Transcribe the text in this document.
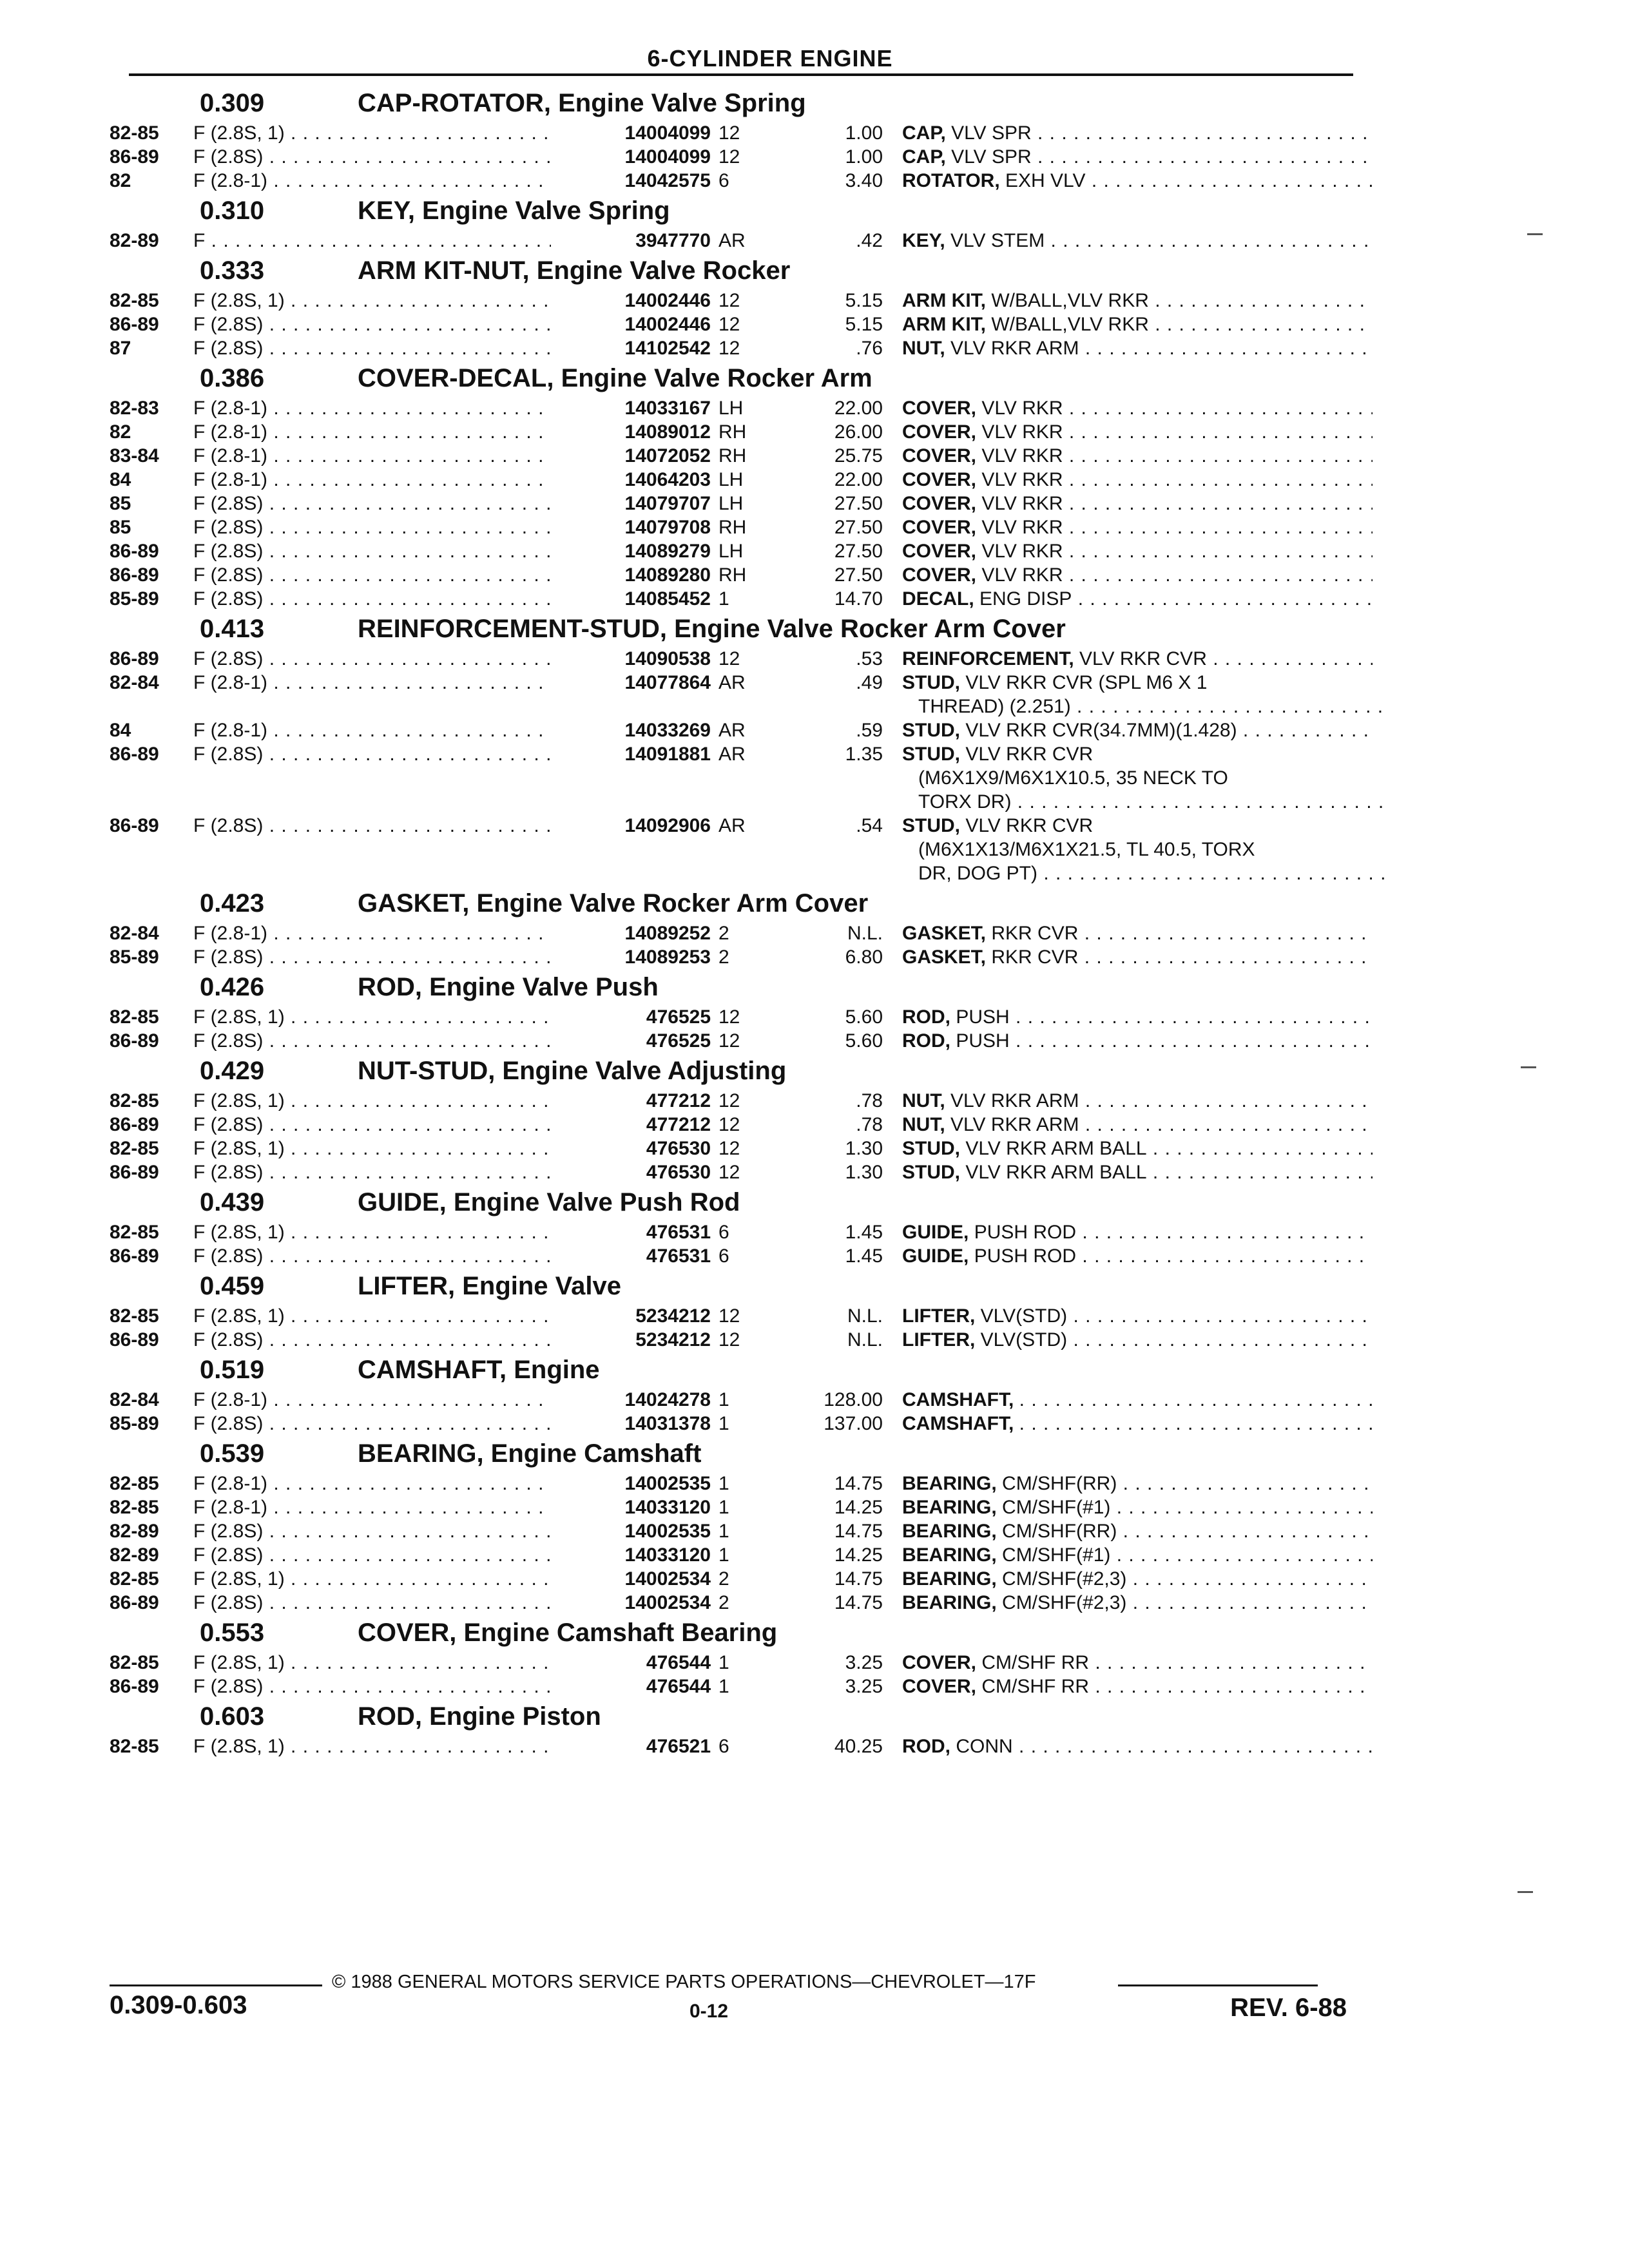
6-CYLINDER ENGINE
0.309	CAP-ROTATOR, Engine Valve Spring
82-85	F (2.8S, 1) . . .	14004099 12	1.00 CAP, VLV SPR . . .
86-89	F (2.8S) . . .	14004099 12	1.00 CAP, VLV SPR . . .
82	F (2.8-1) . . .	14042575 6	3.40 ROTATOR, EXH VLV . . .
0.310	KEY, Engine Valve Spring
82-89	F . . .	3947770 AR	.42 KEY, VLV STEM . . .
0.333	ARM KIT-NUT, Engine Valve Rocker
82-85	F (2.8S, 1) . . .	14002446 12	5.15 ARM KIT, W/BALL,VLV RKR . . .
86-89	F (2.8S) . . .	14002446 12	5.15 ARM KIT, W/BALL,VLV RKR . . .
87	F (2.8S) . . .	14102542 12	.76 NUT, VLV RKR ARM . . .
0.386	COVER-DECAL, Engine Valve Rocker Arm
82-83	F (2.8-1) . . .	14033167 LH	22.00 COVER, VLV RKR . . .
82	F (2.8-1) . . .	14089012 RH	26.00 COVER, VLV RKR . . .
83-84	F (2.8-1) . . .	14072052 RH	25.75 COVER, VLV RKR . . .
84	F (2.8-1) . . .	14064203 LH	22.00 COVER, VLV RKR . . .
85	F (2.8S) . . .	14079707 LH	27.50 COVER, VLV RKR . . .
85	F (2.8S) . . .	14079708 RH	27.50 COVER, VLV RKR . . .
86-89	F (2.8S) . . .	14089279 LH	27.50 COVER, VLV RKR . . .
86-89	F (2.8S) . . .	14089280 RH	27.50 COVER, VLV RKR . . .
85-89	F (2.8S) . . .	14085452 1	14.70 DECAL, ENG DISP . . .
0.413	REINFORCEMENT-STUD, Engine Valve Rocker Arm Cover
86-89	F (2.8S) . . .	14090538 12	.53 REINFORCEMENT, VLV RKR CVR . . .
82-84	F (2.8-1) . . .	14077864 AR	.49 STUD, VLV RKR CVR (SPL M6 X 1
THREAD) (2.251) . . .
84	F (2.8-1) . . .	14033269 AR	.59 STUD, VLV RKR CVR(34.7MM)(1.428) . . .
86-89	F (2.8S) . . .	14091881 AR	1.35 STUD, VLV RKR CVR
(M6X1X9/M6X1X10.5, 35 NECK TO
TORX DR) . . .
86-89	F (2.8S) . . .	14092906 AR	.54 STUD, VLV RKR CVR
(M6X1X13/M6X1X21.5, TL 40.5, TORX
DR, DOG PT) . . .
0.423	GASKET, Engine Valve Rocker Arm Cover
82-84	F (2.8-1) . . .	14089252 2	N.L. GASKET, RKR CVR . . .
85-89	F (2.8S) . . .	14089253 2	6.80 GASKET, RKR CVR . . .
0.426	ROD, Engine Valve Push
82-85	F (2.8S, 1) . . .	476525 12	5.60 ROD, PUSH . . .
86-89	F (2.8S) . . .	476525 12	5.60 ROD, PUSH . . .
0.429	NUT-STUD, Engine Valve Adjusting
82-85	F (2.8S, 1) . . .	477212 12	.78 NUT, VLV RKR ARM . . .
86-89	F (2.8S) . . .	477212 12	.78 NUT, VLV RKR ARM . . .
82-85	F (2.8S, 1) . . .	476530 12	1.30 STUD, VLV RKR ARM BALL . . .
86-89	F (2.8S) . . .	476530 12	1.30 STUD, VLV RKR ARM BALL . . .
0.439	GUIDE, Engine Valve Push Rod
82-85	F (2.8S, 1) . . .	476531 6	1.45 GUIDE, PUSH ROD . . .
86-89	F (2.8S) . . .	476531 6	1.45 GUIDE, PUSH ROD . . .
0.459	LIFTER, Engine Valve
82-85	F (2.8S, 1) . . .	5234212 12	N.L. LIFTER, VLV(STD) . . .
86-89	F (2.8S) . . .	5234212 12	N.L. LIFTER, VLV(STD) . . .
0.519	CAMSHAFT, Engine
82-84	F (2.8-1) . . .	14024278 1	128.00 CAMSHAFT, . . .
85-89	F (2.8S) . . .	14031378 1	137.00 CAMSHAFT, . . .
0.539	BEARING, Engine Camshaft
82-85	F (2.8-1) . . .	14002535 1	14.75 BEARING, CM/SHF(RR) . . .
82-85	F (2.8-1) . . .	14033120 1	14.25 BEARING, CM/SHF(#1) . . .
82-89	F (2.8S) . . .	14002535 1	14.75 BEARING, CM/SHF(RR) . . .
82-89	F (2.8S) . . .	14033120 1	14.25 BEARING, CM/SHF(#1) . . .
82-85	F (2.8S, 1) . . .	14002534 2	14.75 BEARING, CM/SHF(#2,3) . . .
86-89	F (2.8S) . . .	14002534 2	14.75 BEARING, CM/SHF(#2,3) . . .
0.553	COVER, Engine Camshaft Bearing
82-85	F (2.8S, 1) . . .	476544 1	3.25 COVER, CM/SHF RR . . .
86-89	F (2.8S) . . .	476544 1	3.25 COVER, CM/SHF RR . . .
0.603	ROD, Engine Piston
82-85	F (2.8S, 1) . . .	476521 6	40.25 ROD, CONN . . .
© 1988 GENERAL MOTORS SERVICE PARTS OPERATIONS—CHEVROLET—17F
0.309-0.603	0-12	REV. 6-88
